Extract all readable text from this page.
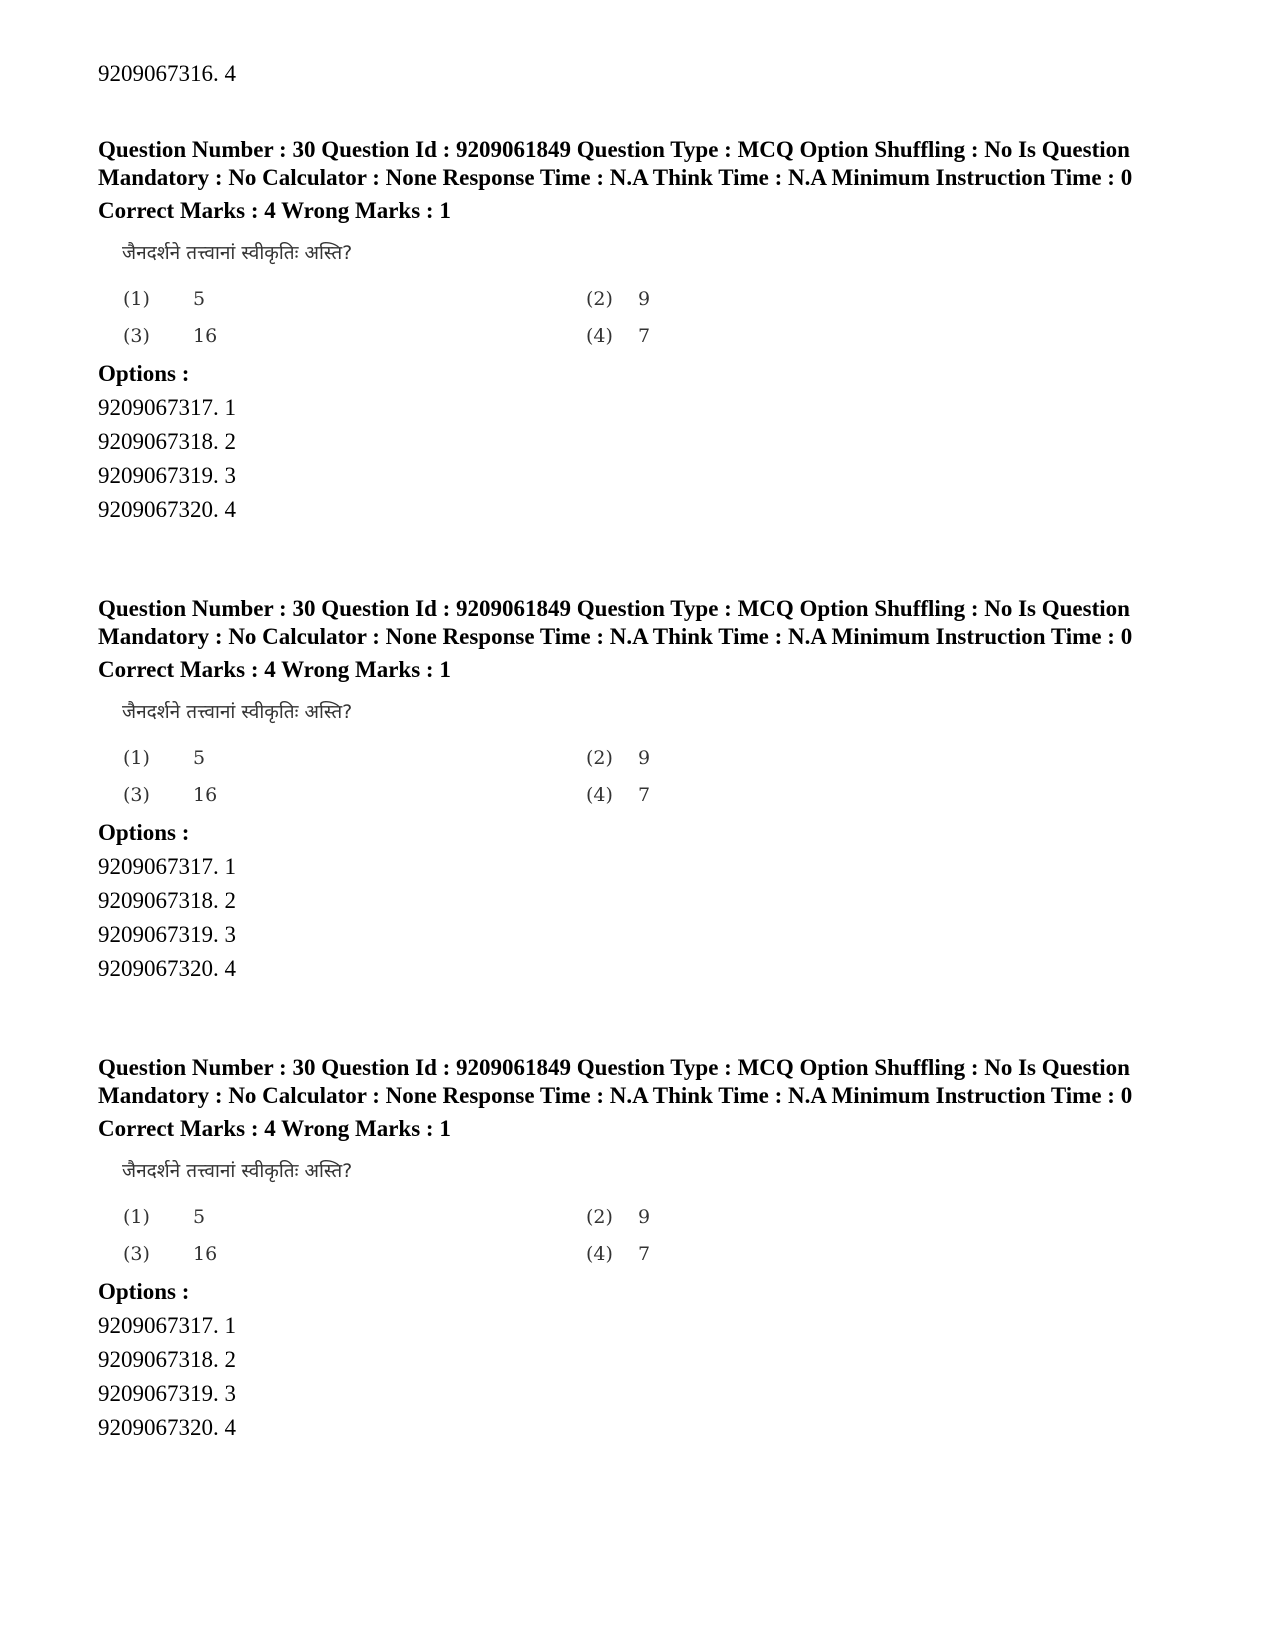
9209067316. 4

Question Number : 30 Question Id : 9209061849 Question Type : MCQ Option Shuffling : No Is Question Mandatory : No Calculator : None Response Time : N.A Think Time : N.A Minimum Instruction Time : 0

Correct Marks : 4 Wrong Marks : 1
जैनदर्शने तत्त्वानां स्वीकृतिः अस्ति?
(1) 5	(2) 9
(3) 16	(4) 7
Options :
9209067317. 1
9209067318. 2
9209067319. 3
9209067320. 4

Question Number : 30 Question Id : 9209061849 Question Type : MCQ Option Shuffling : No Is Question Mandatory : No Calculator : None Response Time : N.A Think Time : N.A Minimum Instruction Time : 0

Correct Marks : 4 Wrong Marks : 1
जैनदर्शने तत्त्वानां स्वीकृतिः अस्ति?
(1) 5	(2) 9
(3) 16	(4) 7
Options :
9209067317. 1
9209067318. 2
9209067319. 3
9209067320. 4

Question Number : 30 Question Id : 9209061849 Question Type : MCQ Option Shuffling : No Is Question Mandatory : No Calculator : None Response Time : N.A Think Time : N.A Minimum Instruction Time : 0

Correct Marks : 4 Wrong Marks : 1
जैनदर्शने तत्त्वानां स्वीकृतिः अस्ति?
(1) 5	(2) 9
(3) 16	(4) 7
Options :
9209067317. 1
9209067318. 2
9209067319. 3
9209067320. 4
